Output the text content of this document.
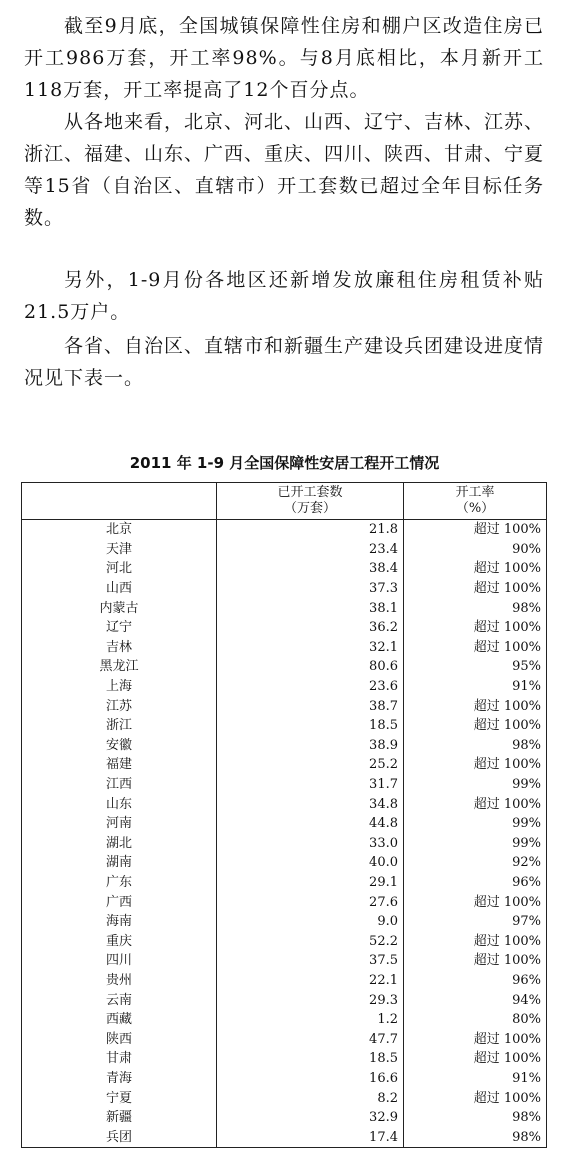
截至9月底，全国城镇保障性住房和棚户区改造住房已开工986万套，开工率98%。与8月底相比，本月新开工118万套，开工率提高了12个百分点。

从各地来看，北京、河北、山西、辽宁、吉林、江苏、浙江、福建、山东、广西、重庆、四川、陕西、甘肃、宁夏等15省（自治区、直辖市）开工套数已超过全年目标任务数。

另外，1-9月份各地区还新增发放廉租住房租赁补贴21.5万户。

各省、自治区、直辖市和新疆生产建设兵团建设进度情况见下表一。

2011 年 1-9 月全国保障性安居工程开工情况

	已开工套数
（万套）	开工率
（%）

北京	21.8	超过 100%
天津	23.4	90%
河北	38.4	超过 100%
山西	37.3	超过 100%
内蒙古	38.1	98%
辽宁	36.2	超过 100%
吉林	32.1	超过 100%
黑龙江	80.6	95%
上海	23.6	91%
江苏	38.7	超过 100%
浙江	18.5	超过 100%
安徽	38.9	98%
福建	25.2	超过 100%
江西	31.7	99%
山东	34.8	超过 100%
河南	44.8	99%
湖北	33.0	99%
湖南	40.0	92%
广东	29.1	96%
广西	27.6	超过 100%
海南	9.0	97%
重庆	52.2	超过 100%
四川	37.5	超过 100%
贵州	22.1	96%
云南	29.3	94%
西藏	1.2	80%
陕西	47.7	超过 100%
甘肃	18.5	超过 100%
青海	16.6	91%
宁夏	8.2	超过 100%
新疆	32.9	98%
兵团	17.4	98%
